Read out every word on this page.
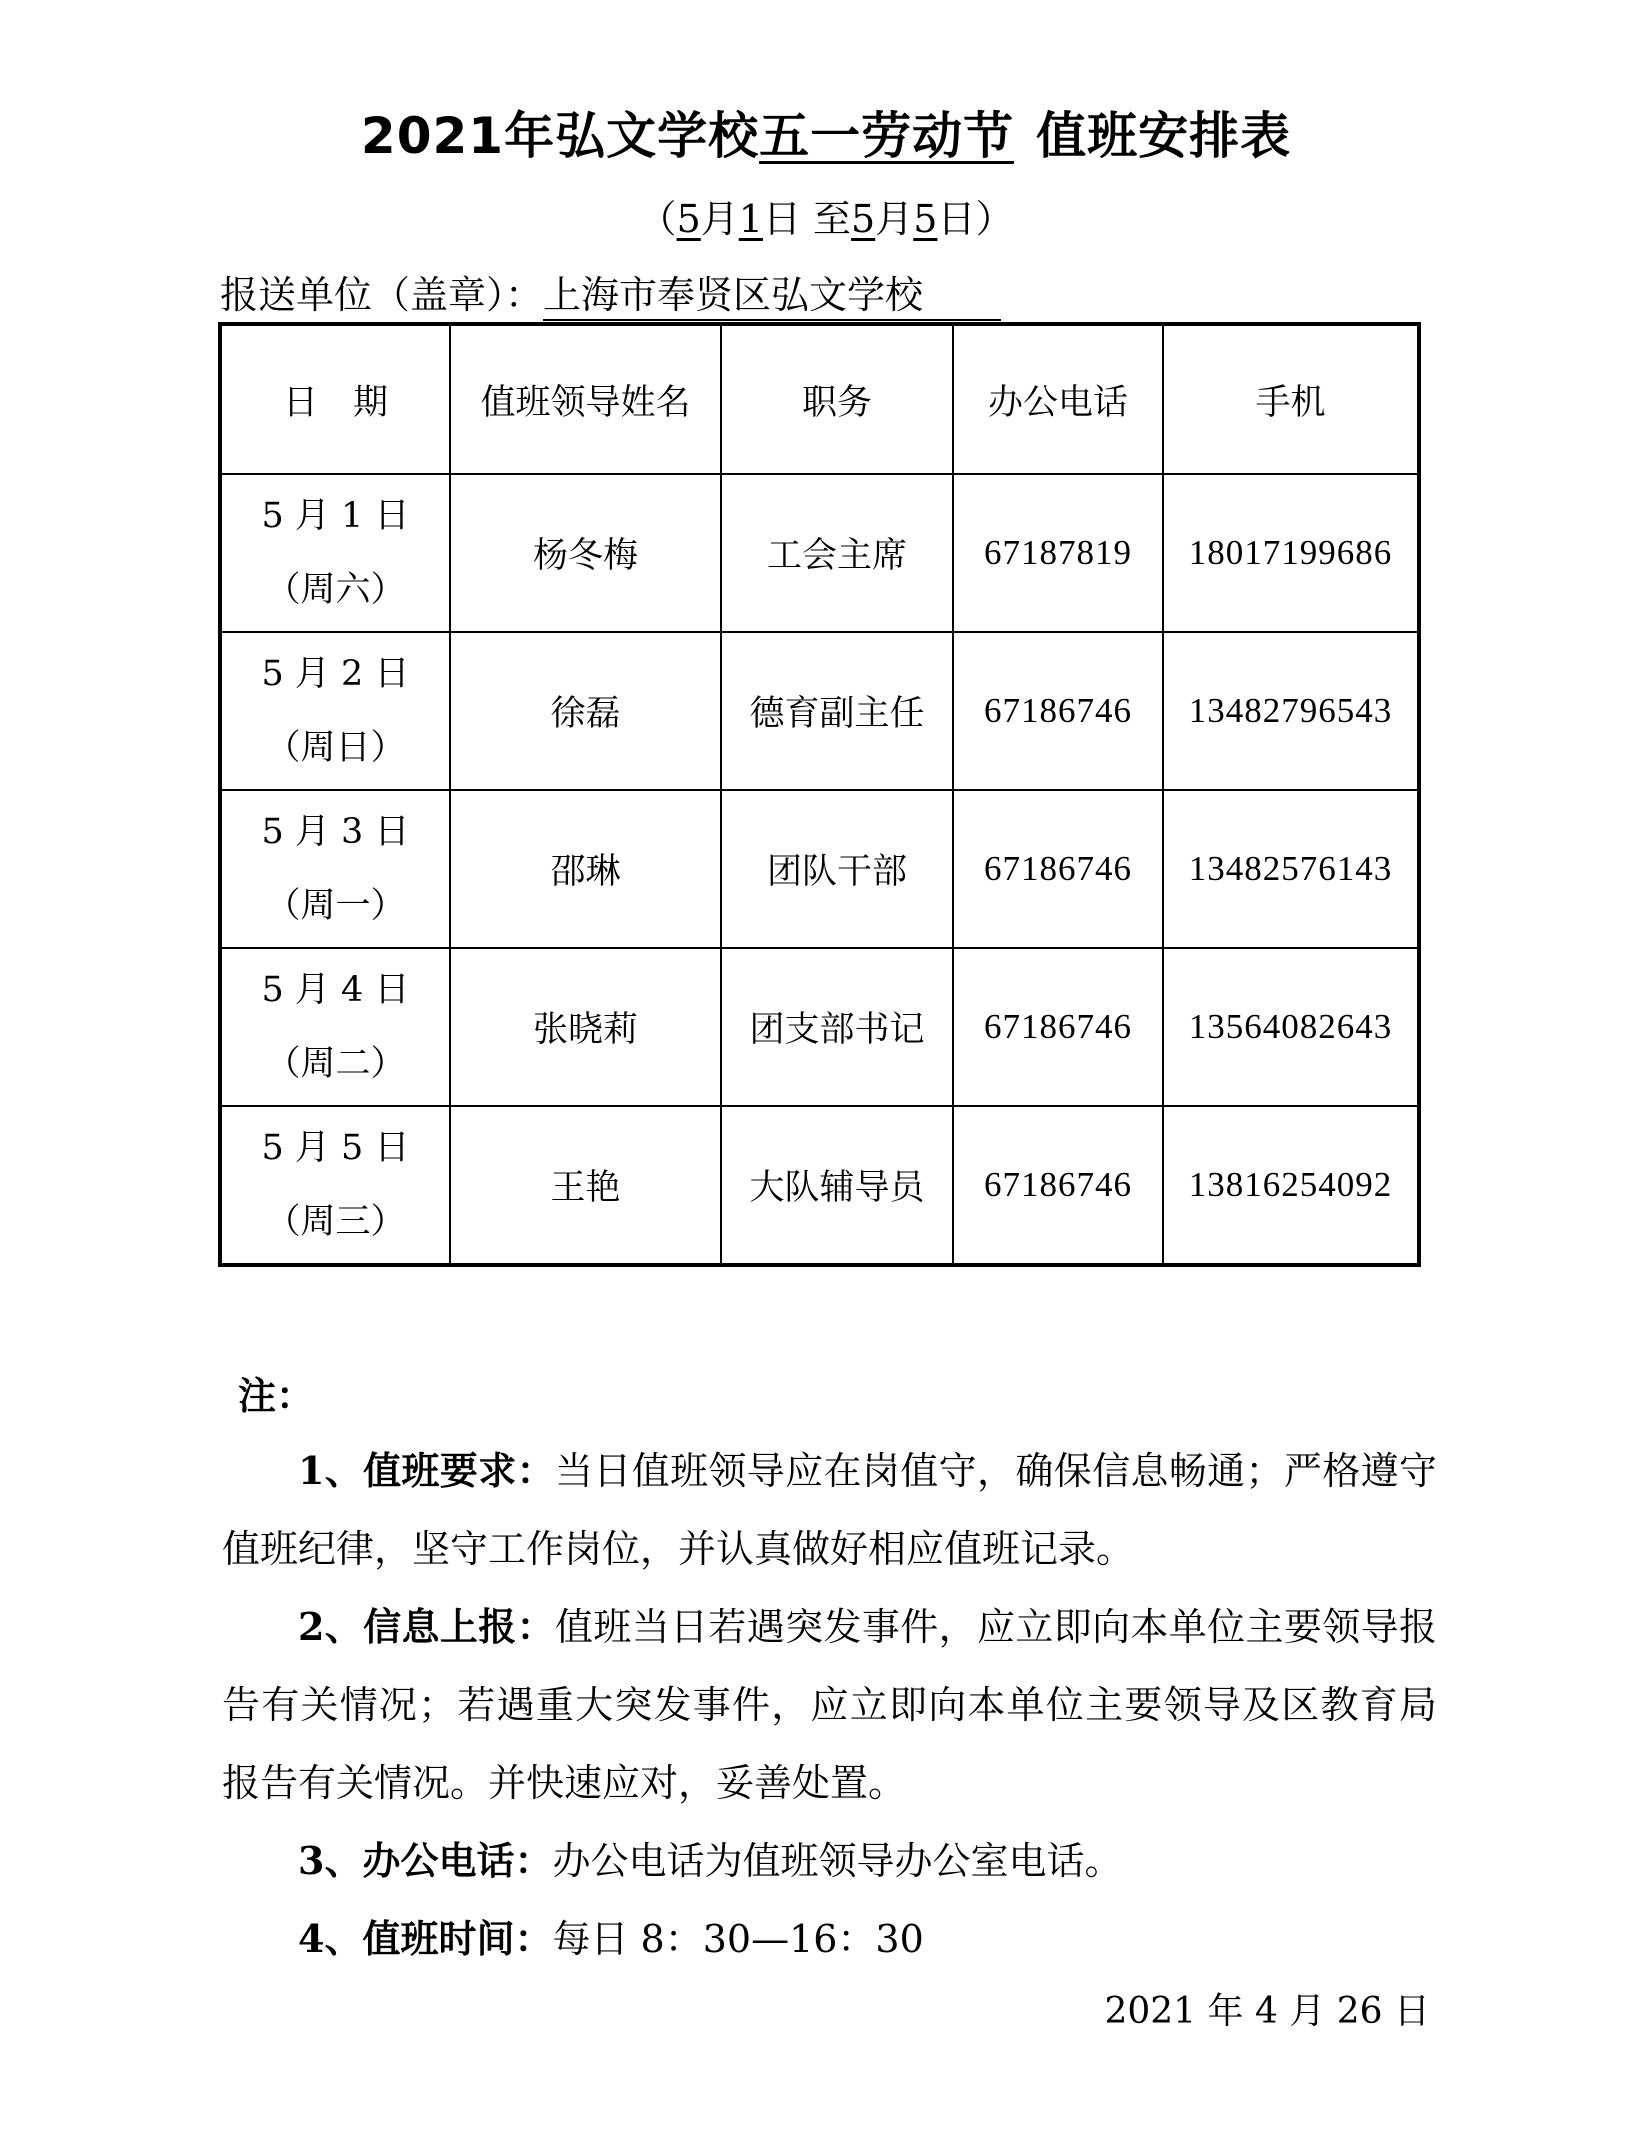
2021年弘文学校五一劳动节 值班安排表
（5月1日 至5月5日）
报送单位（盖章）：上海市奉贤区弘文学校
日　期	值班领导姓名	职务	办公电话	手机

5 月 1 日
（周六）	杨冬梅	工会主席	67187819	18017199686

5 月 2 日
（周日）	徐磊	德育副主任	67186746	13482796543

5 月 3 日
（周一）	邵琳	团队干部	67186746	13482576143

5 月 4 日
（周二）	张晓莉	团支部书记	67186746	13564082643

5 月 5 日
（周三）	王艳	大队辅导员	67186746	13816254092
注：

1、值班要求：当日值班领导应在岗值守，确保信息畅通；严格遵守值班纪律，坚守工作岗位，并认真做好相应值班记录。

2、信息上报：值班当日若遇突发事件，应立即向本单位主要领导报告有关情况；若遇重大突发事件，应立即向本单位主要领导及区教育局报告有关情况。并快速应对，妥善处置。

3、办公电话：办公电话为值班领导办公室电话。

4、值班时间：每日 8：30—16：30

2021 年 4 月 26 日
